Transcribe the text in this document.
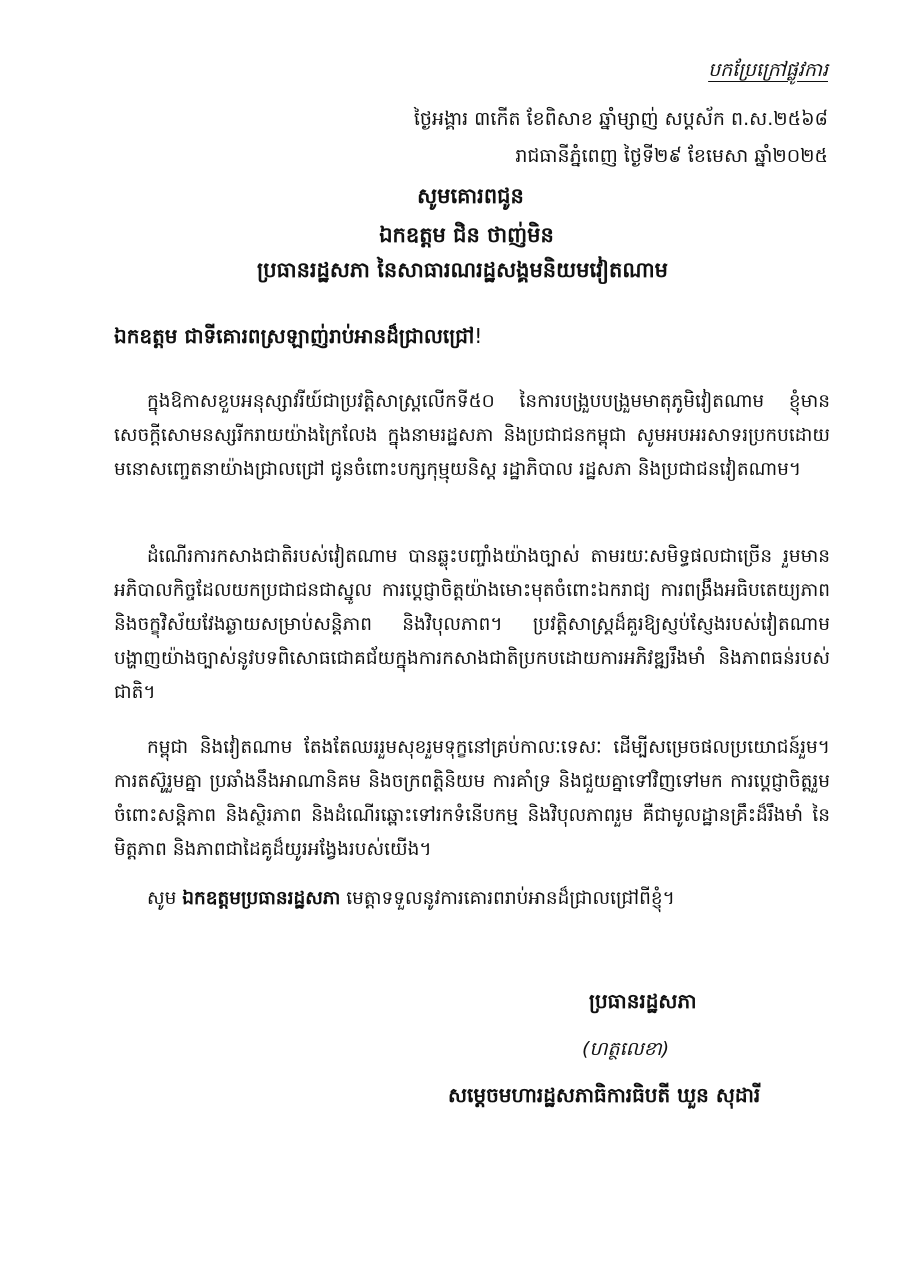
បកប្រែក្រៅផ្លូវការ
ថ្ងៃអង្គារ ៣កើត ខែពិសាខ ឆ្នាំម្សាញ់ សប្តស័ក ព.ស.២៥៦៨
រាជធានីភ្នំពេញ ថ្ងៃទី២៩ ខែមេសា ឆ្នាំ២០២៥
សូមគោរពជូន
ឯកឧត្តម ជិន ថាញ់មិន
ប្រធានរដ្ឋសភា នៃសាធារណរដ្ឋសង្គមនិយមវៀតណាម
ឯកឧត្តម ជាទីគោរពស្រឡាញ់រាប់អានដ៏ជ្រាលជ្រៅ!

ក្នុងឱកាសខួបអនុស្សាវរីយ៍ជាប្រវត្តិសាស្ត្រលើកទី៥០ នៃការបង្រួបបង្រួមមាតុភូមិវៀតណាម ខ្ញុំមានសេចក្តីសោមនស្សរីករាយយ៉ាងក្រៃលែង ក្នុងនាមរដ្ឋសភា និងប្រជាជនកម្ពុជា សូមអបអរសាទរប្រកបដោយមនោសញ្ចេតនាយ៉ាងជ្រាលជ្រៅ ជូនចំពោះបក្សកុម្មុយនិស្ត រដ្ឋាភិបាល រដ្ឋសភា និងប្រជាជនវៀតណាម។

ដំណើរការកសាងជាតិរបស់វៀតណាម បានឆ្លុះបញ្ចាំងយ៉ាងច្បាស់ តាមរយៈសមិទ្ធផលជាច្រើន រួមមានអភិបាលកិច្ចដែលយកប្រជាជនជាស្នូល ការប្តេជ្ញាចិត្តយ៉ាងមោះមុតចំពោះឯករាជ្យ ការពង្រឹងអធិបតេយ្យភាព និងចក្ខុវិស័យវែងឆ្ងាយសម្រាប់សន្តិភាព និងវិបុលភាព។ ប្រវត្តិសាស្ត្រដ៏គួរឱ្យស្ញប់ស្ញែងរបស់វៀតណាម បង្ហាញយ៉ាងច្បាស់នូវបទពិសោធជោគជ័យក្នុងការកសាងជាតិប្រកបដោយការអភិវឌ្ឍរឹងមាំ និងភាពធន់របស់ជាតិ។

កម្ពុជា និងវៀតណាម តែងតែឈររួមសុខរួមទុក្ខនៅគ្រប់កាលៈទេសៈ ដើម្បីសម្រេចផលប្រយោជន៍រួម។ ការតស៊ូរួមគ្នា ប្រឆាំងនឹងអាណានិគម និងចក្រពត្តិនិយម ការគាំទ្រ និងជួយគ្នាទៅវិញទៅមក ការប្តេជ្ញាចិត្តរួមចំពោះសន្តិភាព និងស្ថិរភាព និងដំណើរឆ្ពោះទៅរកទំនើបកម្ម និងវិបុលភាពរួម គឺជាមូលដ្ឋានគ្រឹះដ៏រឹងមាំ នៃមិត្តភាព និងភាពជាដៃគូដ៏យូរអង្វែងរបស់យើង។

សូម ឯកឧត្តមប្រធានរដ្ឋសភា មេត្តាទទួលនូវការគោរពរាប់អានដ៏ជ្រាលជ្រៅពីខ្ញុំ។
ប្រធានរដ្ឋសភា
(ហត្ថលេខា)
សម្តេចមហារដ្ឋសភាធិការធិបតី ឃួន សុដារី
